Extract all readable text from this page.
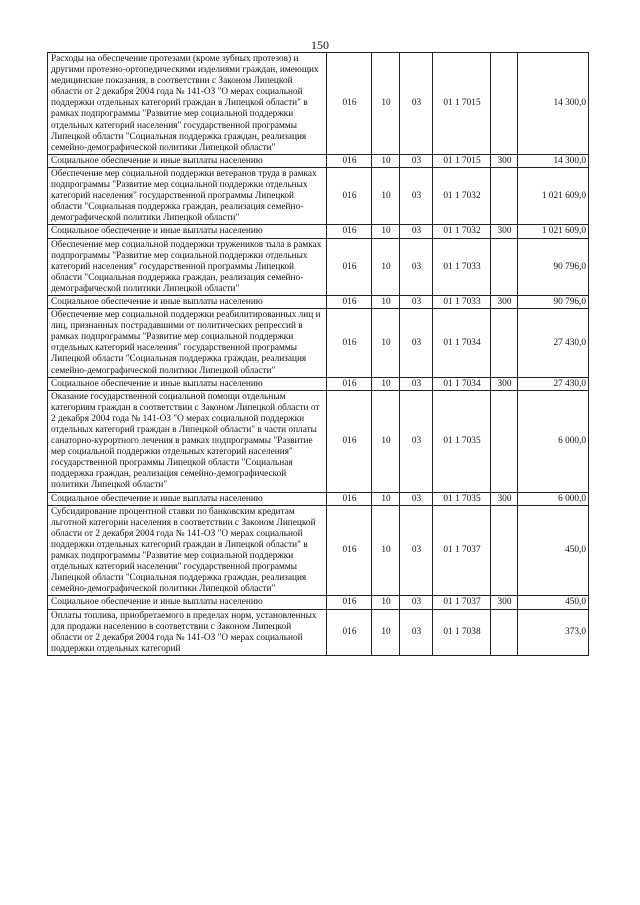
150
Расходы на обеспечение протезами (кроме зубных протезов) и другими протезно-ортопедическими изделиями граждан, имеющих медицинские показания, в соответствии с Законом Липецкой области от 2 декабря 2004 года № 141-ОЗ "О мерах социальной поддержки отдельных категорий граждан в Липецкой области" в рамках подпрограммы "Развитие мер социальной поддержки отдельных категорий населения" государственной программы Липецкой области "Социальная поддержка граждан, реализация семейно-демографической политики Липецкой области"	016	10	03	01 1 7015		14 300,0
Социальное обеспечение и иные выплаты населению	016	10	03	01 1 7015	300	14 300,0
Обеспечение мер социальной поддержки ветеранов труда в рамках подпрограммы "Развитие мер социальной поддержки отдельных категорий населения" государственной программы Липецкой области "Социальная поддержка граждан, реализация семейно-демографической политики Липецкой области"	016	10	03	01 1 7032		1 021 609,0
Социальное обеспечение и иные выплаты населению	016	10	03	01 1 7032	300	1 021 609,0
Обеспечение мер социальной поддержки тружеников тыла в рамках подпрограммы "Развитие мер социальной поддержки отдельных категорий населения" государственной программы Липецкой области "Социальная поддержка граждан, реализация семейно-демографической политики Липецкой области"	016	10	03	01 1 7033		90 796,0
Социальное обеспечение и иные выплаты населению	016	10	03	01 1 7033	300	90 796,0
Обеспечение мер социальной поддержки реабилитированных лиц и лиц, признанных пострадавшими от политических репрессий в рамках подпрограммы "Развитие мер социальной поддержки отдельных категорий населения" государственной программы Липецкой области "Социальная поддержка граждан, реализация семейно-демографической политики Липецкой области"	016	10	03	01 1 7034		27 430,0
Социальное обеспечение и иные выплаты населению	016	10	03	01 1 7034	300	27 430,0
Оказание государственной социальной помощи отдельным категориям граждан в соответствии с Законом Липецкой области от 2 декабря 2004 года № 141-ОЗ "О мерах социальной поддержки отдельных категорий граждан в Липецкой области" в части оплаты санаторно-курортного лечения в рамках подпрограммы "Развитие мер социальной поддержки отдельных категорий населения" государственной программы Липецкой области "Социальная поддержка граждан, реализация семейно-демографической политики Липецкой области"	016	10	03	01 1 7035		6 000,0
Социальное обеспечение и иные выплаты населению	016	10	03	01 1 7035	300	6 000,0
Субсидирование процентной ставки по банковским кредитам льготной категории населения в соответствии с Законом Липецкой области от 2 декабря 2004 года № 141-ОЗ "О мерах социальной поддержки отдельных категорий граждан в Липецкой области" в рамках подпрограммы "Развитие мер социальной поддержки отдельных категорий населения" государственной программы Липецкой области "Социальная поддержка граждан, реализация семейно-демографической политики Липецкой области"	016	10	03	01 1 7037		450,0
Социальное обеспечение и иные выплаты населению	016	10	03	01 1 7037	300	450,0
Оплаты топлива, приобретаемого в пределах норм, установленных для продажи населению в соответствии с Законом Липецкой области от 2 декабря 2004 года № 141-ОЗ "О мерах социальной поддержки отдельных категорий	016	10	03	01 1 7038		373,0
